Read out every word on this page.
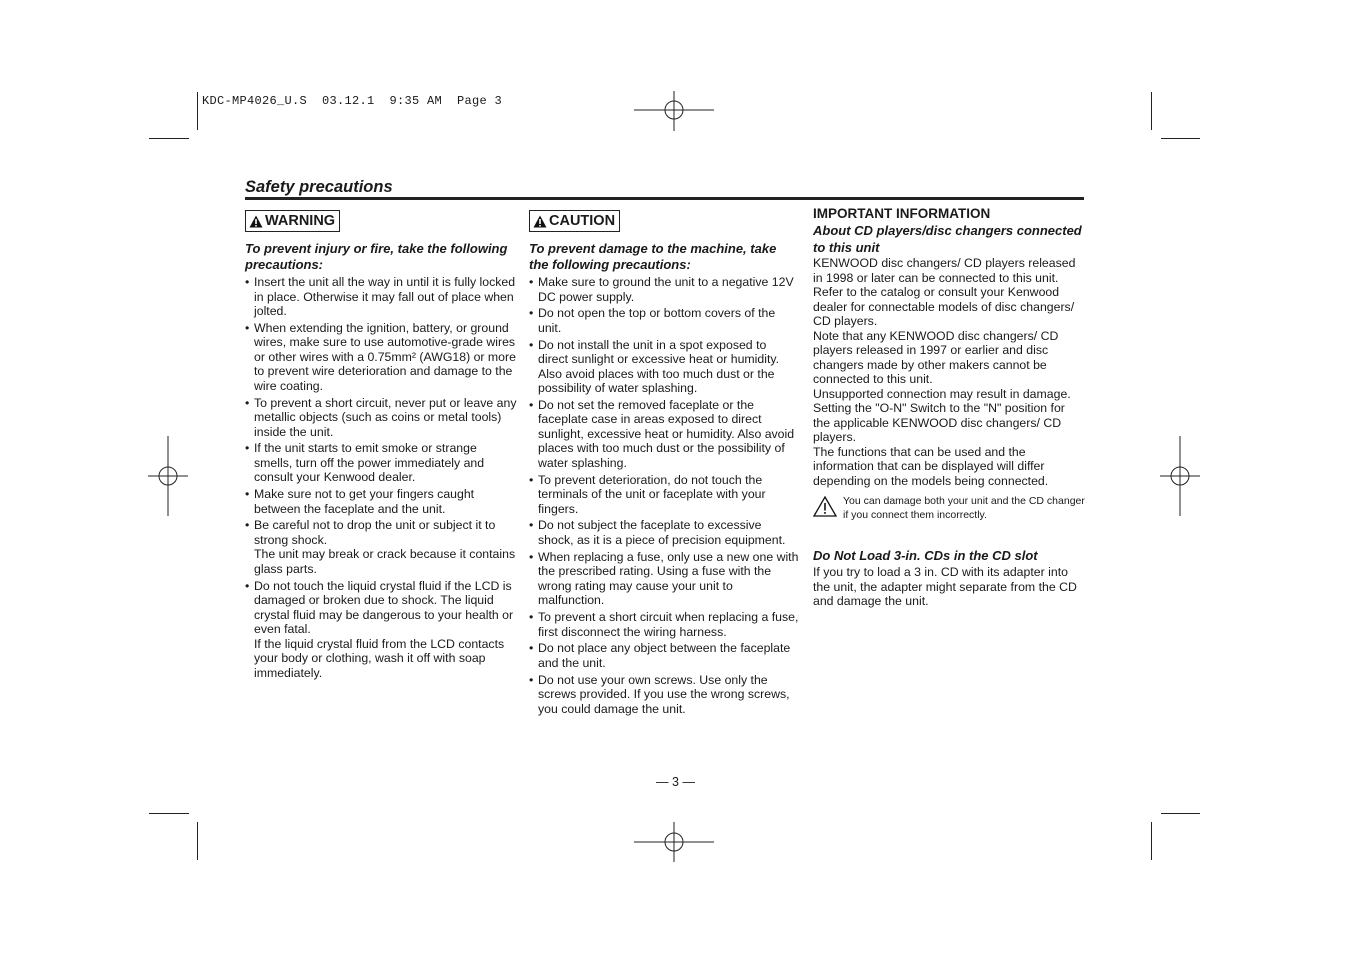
KDC-MP4026_U.S  03.12.1  9:35 AM  Page 3
Safety precautions
WARNING
To prevent injury or fire, take the following precautions:
• Insert the unit all the way in until it is fully locked in place. Otherwise it may fall out of place when jolted.
• When extending the ignition, battery, or ground wires, make sure to use automotive-grade wires or other wires with a 0.75mm² (AWG18) or more to prevent wire deterioration and damage to the wire coating.
• To prevent a short circuit, never put or leave any metallic objects (such as coins or metal tools) inside the unit.
• If the unit starts to emit smoke or strange smells, turn off the power immediately and consult your Kenwood dealer.
• Make sure not to get your fingers caught between the faceplate and the unit.
• Be careful not to drop the unit or subject it to strong shock.
The unit may break or crack because it contains glass parts.
• Do not touch the liquid crystal fluid if the LCD is damaged or broken due to shock. The liquid crystal fluid may be dangerous to your health or even fatal.
If the liquid crystal fluid from the LCD contacts your body or clothing, wash it off with soap immediately.
CAUTION
To prevent damage to the machine, take the following precautions:
• Make sure to ground the unit to a negative 12V DC power supply.
• Do not open the top or bottom covers of the unit.
• Do not install the unit in a spot exposed to direct sunlight or excessive heat or humidity. Also avoid places with too much dust or the possibility of water splashing.
• Do not set the removed faceplate or the faceplate case in areas exposed to direct sunlight, excessive heat or humidity. Also avoid places with too much dust or the possibility of water splashing.
• To prevent deterioration, do not touch the terminals of the unit or faceplate with your fingers.
• Do not subject the faceplate to excessive shock, as it is a piece of precision equipment.
• When replacing a fuse, only use a new one with the prescribed rating. Using a fuse with the wrong rating may cause your unit to malfunction.
• To prevent a short circuit when replacing a fuse, first disconnect the wiring harness.
• Do not place any object between the faceplate and the unit.
• Do not use your own screws. Use only the screws provided. If you use the wrong screws, you could damage the unit.
IMPORTANT INFORMATION
About CD players/disc changers connected to this unit
KENWOOD disc changers/ CD players released in 1998 or later can be connected to this unit.
Refer to the catalog or consult your Kenwood dealer for connectable models of disc changers/ CD players.
Note that any KENWOOD disc changers/ CD players released in 1997 or earlier and disc changers made by other makers cannot be connected to this unit.
Unsupported connection may result in damage.
Setting the "O-N" Switch to the "N" position for the applicable KENWOOD disc changers/ CD players.
The functions that can be used and the information that can be displayed will differ depending on the models being connected.
You can damage both your unit and the CD changer if you connect them incorrectly.
Do Not Load 3-in. CDs in the CD slot
If you try to load a 3 in. CD with its adapter into the unit, the adapter might separate from the CD and damage the unit.
— 3 —
